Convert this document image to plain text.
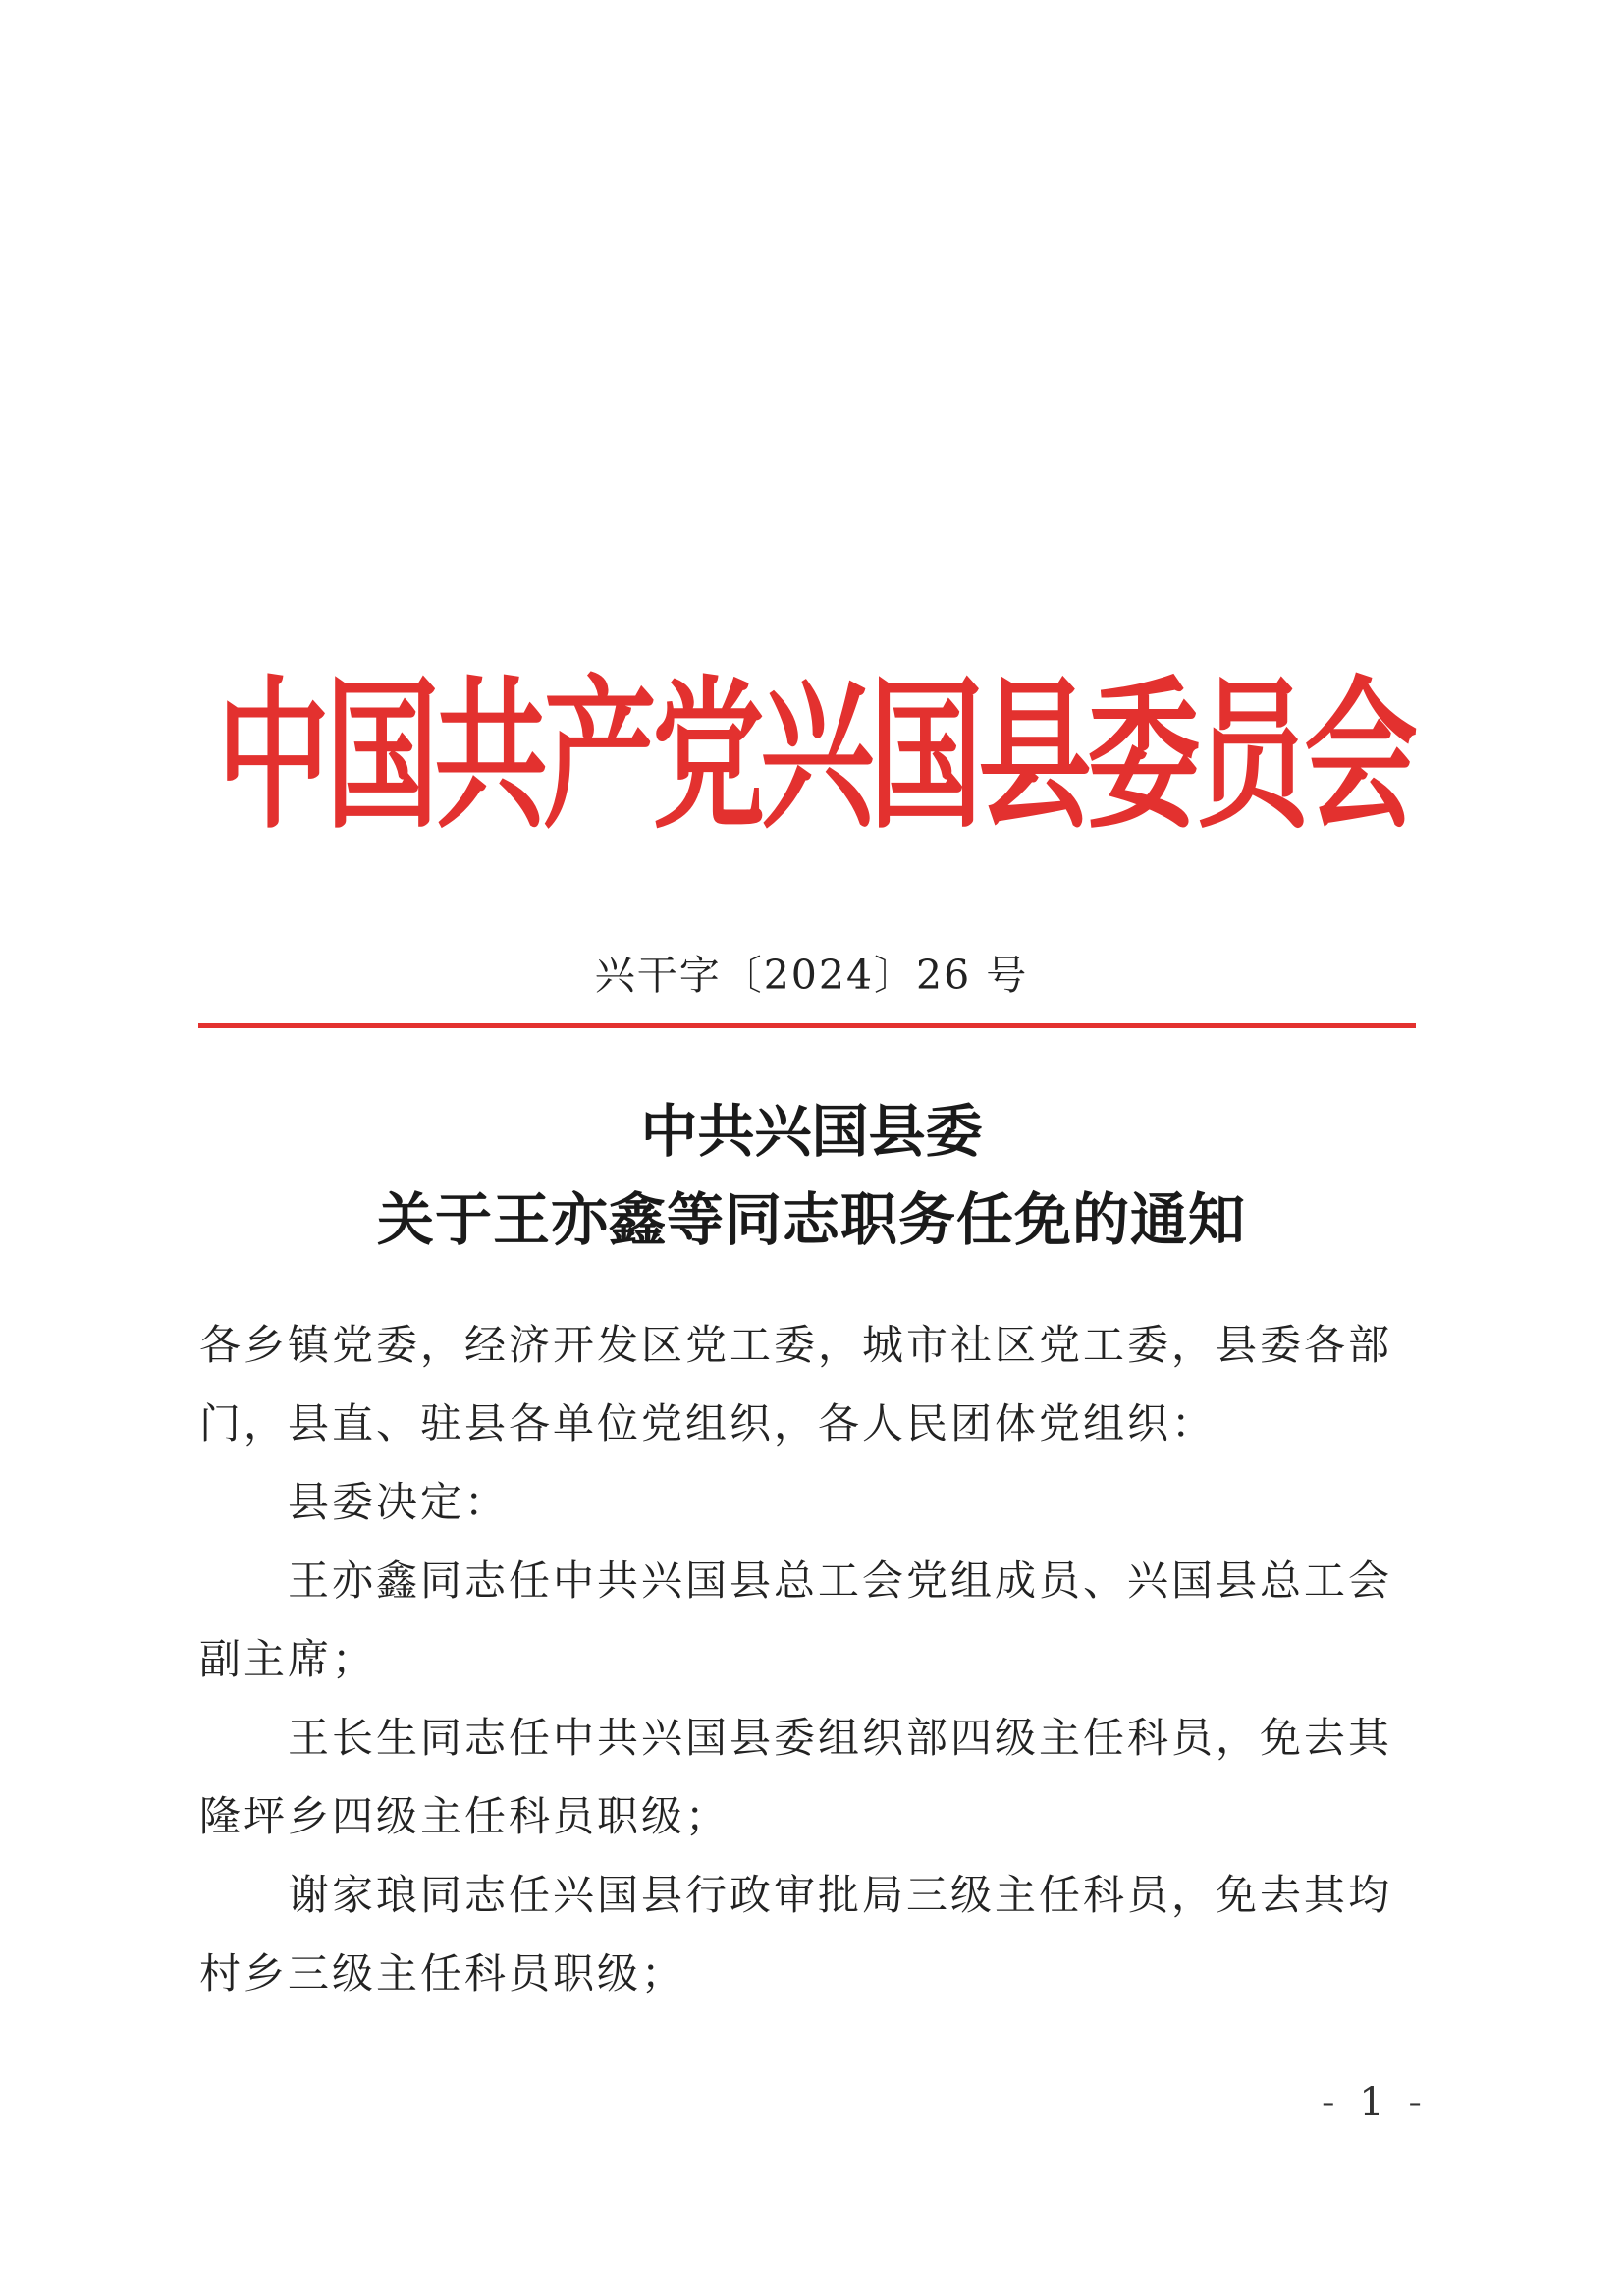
中国共产党兴国县委员会
兴干字〔2024〕26 号
中共兴国县委
关于王亦鑫等同志职务任免的通知

各乡镇党委，经济开发区党工委，城市社区党工委，县委各部门，县直、驻县各单位党组织，各人民团体党组织：

县委决定：

王亦鑫同志任中共兴国县总工会党组成员、兴国县总工会副主席；

王长生同志任中共兴国县委组织部四级主任科员，免去其隆坪乡四级主任科员职级；

谢家琅同志任兴国县行政审批局三级主任科员，免去其均村乡三级主任科员职级；

- 1 -
